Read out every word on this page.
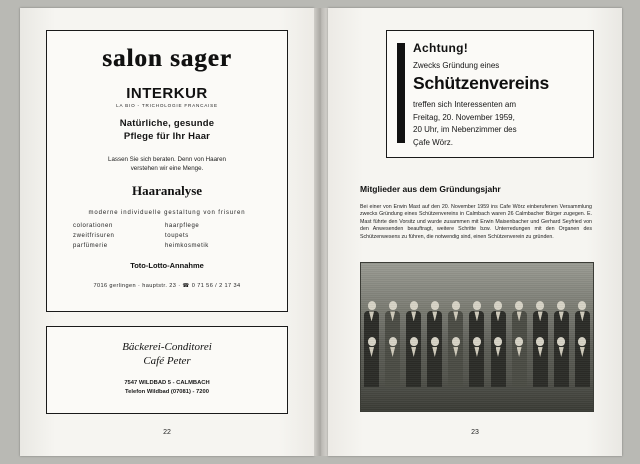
salon sager
INTERKUR
LA BIO - TRICHOLOGIE FRANCAISE
Natürliche, gesunde
Pflege für Ihr Haar
Lassen Sie sich beraten. Denn von Haaren
verstehen wir eine Menge.
Haaranalyse
moderne individuelle gestaltung von frisuren
colorationen	haarpflege
zweitfrisuren	toupets
parfümerie	heimkosmetik
Toto-Lotto-Annahme
7016 gerlingen · hauptstr. 23 · ☎ 0 71 56 / 2 17 34
Bäckerei-Conditorei
Café Peter
7547 WILDBAD 5 - CALMBACH
Telefon Wildbad (07081) - 7200
22
Achtung!
Zwecks Gründung eines
Schützenvereins
treffen sich Interessenten am
Freitag, 20. November 1959,
20 Uhr, im Nebenzimmer des
Çafe Wörz.
Mitglieder aus dem Gründungsjahr
Bei einer von Erwin Mast auf den 20. November 1959 ins Cafe Wörz einberufenen Versammlung zwecks Gründung eines Schützenvereins in Calmbach waren 26 Calmbacher Bürger zugegen. E. Mast führte den Vorsitz und wurde zusammen mit Erwin Maisenbacher und Gerhard Seyfried von den Anwesenden beauftragt, weitere Schritte bzw. Unterredungen mit den Organen des Schützenwesens zu führen, die notwendig sind, einen Schützenverein zu gründen.
23
